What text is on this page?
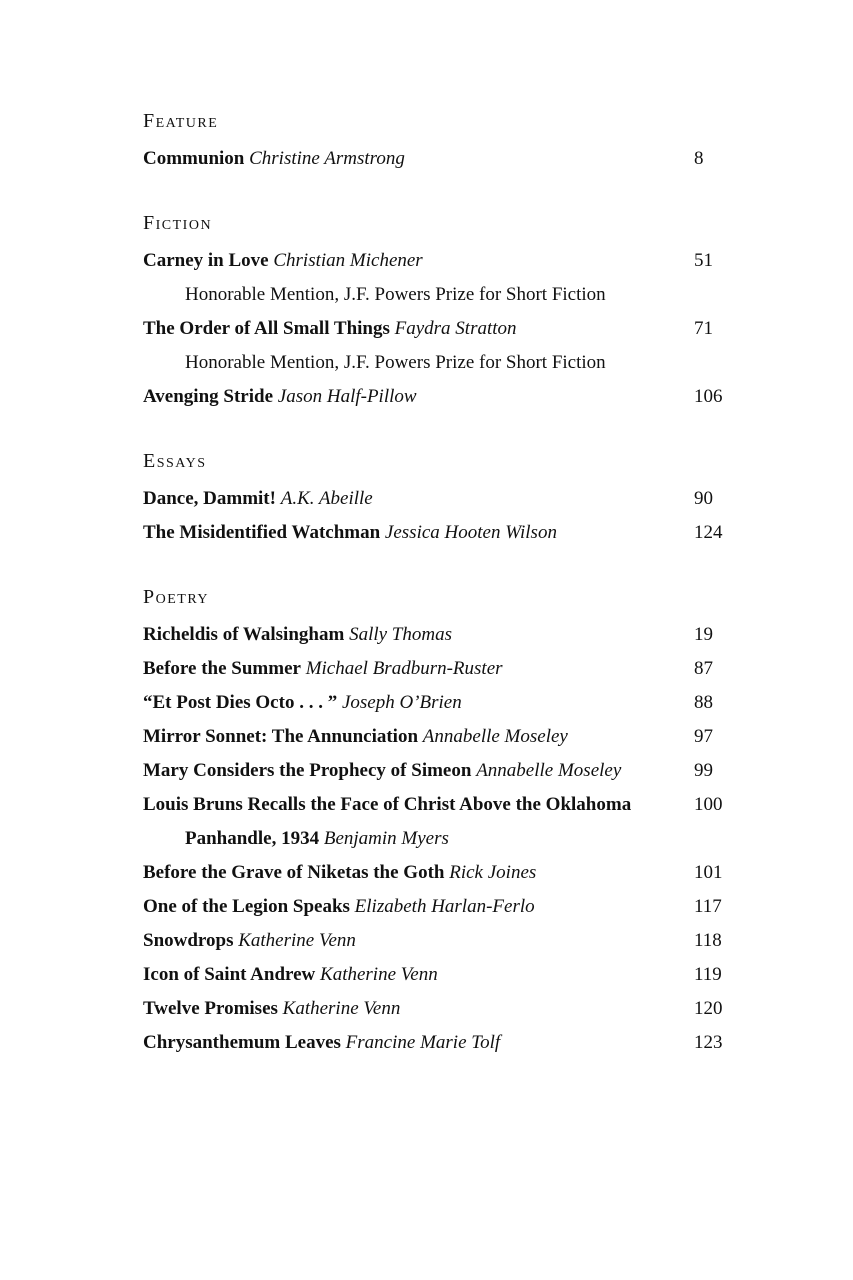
Feature
Communion Christine Armstrong	8
Fiction
Carney in Love Christian Michener	51
Honorable Mention, J.F. Powers Prize for Short Fiction
The Order of All Small Things Faydra Stratton	71
Honorable Mention, J.F. Powers Prize for Short Fiction
Avenging Stride Jason Half-Pillow	106
Essays
Dance, Dammit! A.K. Abeille	90
The Misidentified Watchman Jessica Hooten Wilson	124
Poetry
Richeldis of Walsingham Sally Thomas	19
Before the Summer Michael Bradburn-Ruster	87
“Et Post Dies Octo . . . ” Joseph O’Brien	88
Mirror Sonnet: The Annunciation Annabelle Moseley	97
Mary Considers the Prophecy of Simeon Annabelle Moseley	99
Louis Bruns Recalls the Face of Christ Above the Oklahoma	100
Panhandle, 1934 Benjamin Myers
Before the Grave of Niketas the Goth Rick Joines	101
One of the Legion Speaks Elizabeth Harlan-Ferlo	117
Snowdrops Katherine Venn	118
Icon of Saint Andrew Katherine Venn	119
Twelve Promises Katherine Venn	120
Chrysanthemum Leaves Francine Marie Tolf	123
